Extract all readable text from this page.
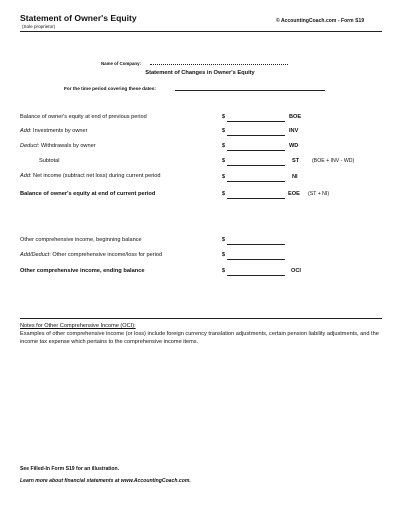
Statement of Owner's Equity
(Sole proprietor)
© AccountingCoach.com - Form S19
Name of Company:
Statement of Changes in Owner's Equity
For the time period covering these dates:
Balance of owner's equity at end of previous period	$	BOE
Add: Investments by owner	$	INV
Deduct: Withdrawals by owner	$	WD
Subtotal	$	ST (BOE + INV - WD)
Add: Net income (subtract net loss) during current period	$	NI
Balance of owner's equity at end of current period	$	EOE (ST + NI)
Other comprehensive income, beginning balance	$
Add/Deduct: Other comprehensive income/loss for period	$
Other comprehensive income, ending balance	$	OCI
Notes for Other Comprehensive Income (OCI):
Examples of other comprehensive income (or loss) include foreign currency translation adjustments, certain pension liability adjustments, and the income tax expense which pertains to the comprehensive income items.
See Filled-In Form S19 for an illustration.
Learn more about financial statements at www.AccountingCoach.com.
